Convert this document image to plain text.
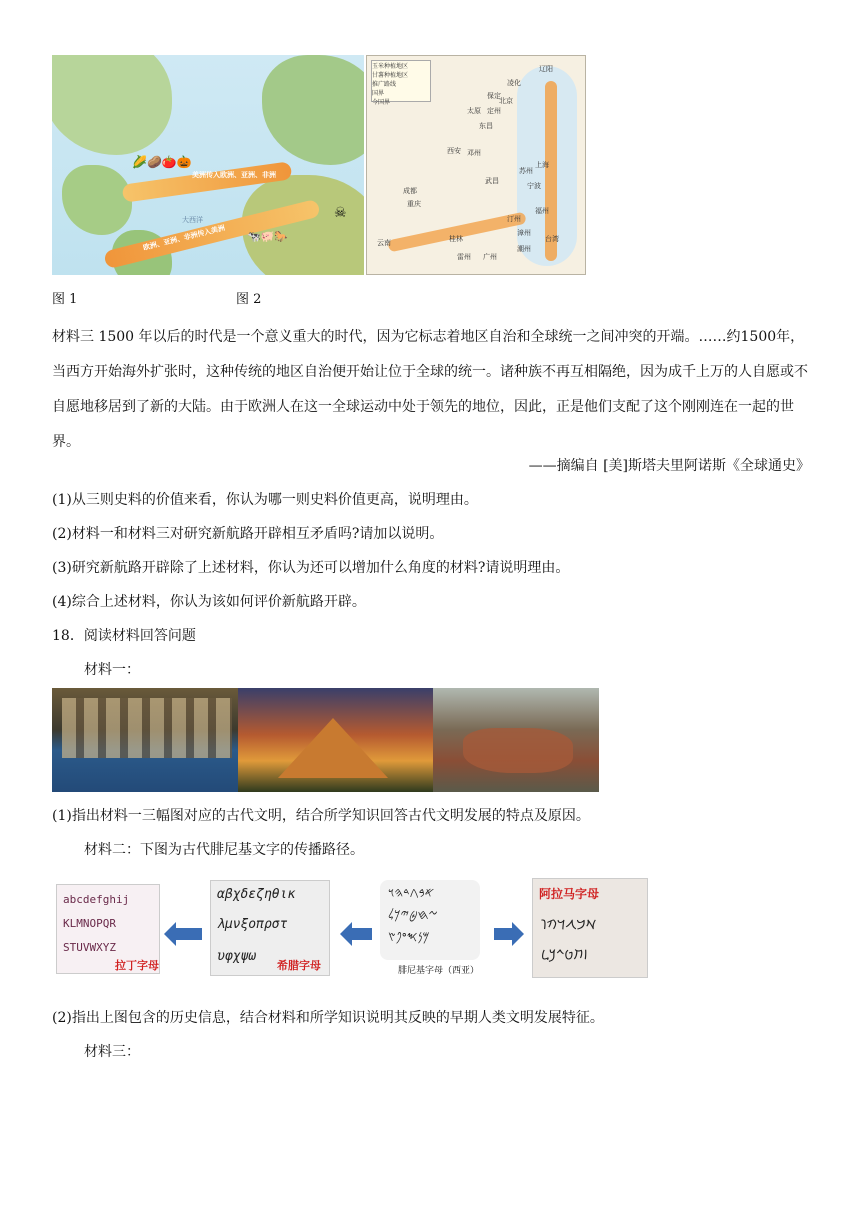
美洲传入欧洲、亚洲、非洲
欧洲、亚洲、非洲传入美洲
大西洋
🌽🥔🍅🎃
🐄🐖🐎
☠
玉米种植地区
甘薯种植地区
推广路线
国界
今国界
辽阳
保定
凌化
北京
太原 定州
东昌
西安 邓州
上海
苏州
宁波
成都
重庆
武昌
汀州
漳州
桂林
雷州
云南
潮州
广州
台湾
福州
图 1	图 2
材料三 1500 年以后的时代是一个意义重大的时代，因为它标志着地区自治和全球统一之间冲突的开端。……约1500年，当西方开始海外扩张时，这种传统的地区自治便开始让位于全球的统一。诸种族不再互相隔绝，因为成千上万的人自愿或不自愿地移居到了新的大陆。由于欧洲人在这一全球运动中处于领先的地位，因此，正是他们支配了这个刚刚连在一起的世界。
——摘编自 [美]斯塔夫里阿诺斯《全球通史》
(1)从三则史料的价值来看，你认为哪一则史料价值更高，说明理由。
(2)材料一和材料三对研究新航路开辟相互矛盾吗?请加以说明。
(3)研究新航路开辟除了上述材料，你认为还可以增加什么角度的材料?请说明理由。
(4)综合上述材料，你认为该如何评价新航路开辟。
18．阅读材料回答问题
材料一：
(1)指出材料一三幅图对应的古代文明，结合所学知识回答古代文明发展的特点及原因。
材料二：下图为古代腓尼基文字的传播路径。
abcdefghij
KLMNOPQR
STUVWXYZ
拉丁字母
αβχδεζηθικ
λμνξοπρστ
υφχψω
希腊字母
𐤀𐤁𐤂𐤃𐤄𐤅
𐤆𐤇𐤈𐤉𐤊𐤋
𐤌𐤍𐤎𐤏𐤐𐤑
腓尼基字母（西亚）
阿拉马字母
𐡀𐡁𐡂𐡃𐡄𐡅
𐡆𐡇𐡈𐡉𐡊𐡋
(2)指出上图包含的历史信息，结合材料和所学知识说明其反映的早期人类文明发展特征。
材料三：
